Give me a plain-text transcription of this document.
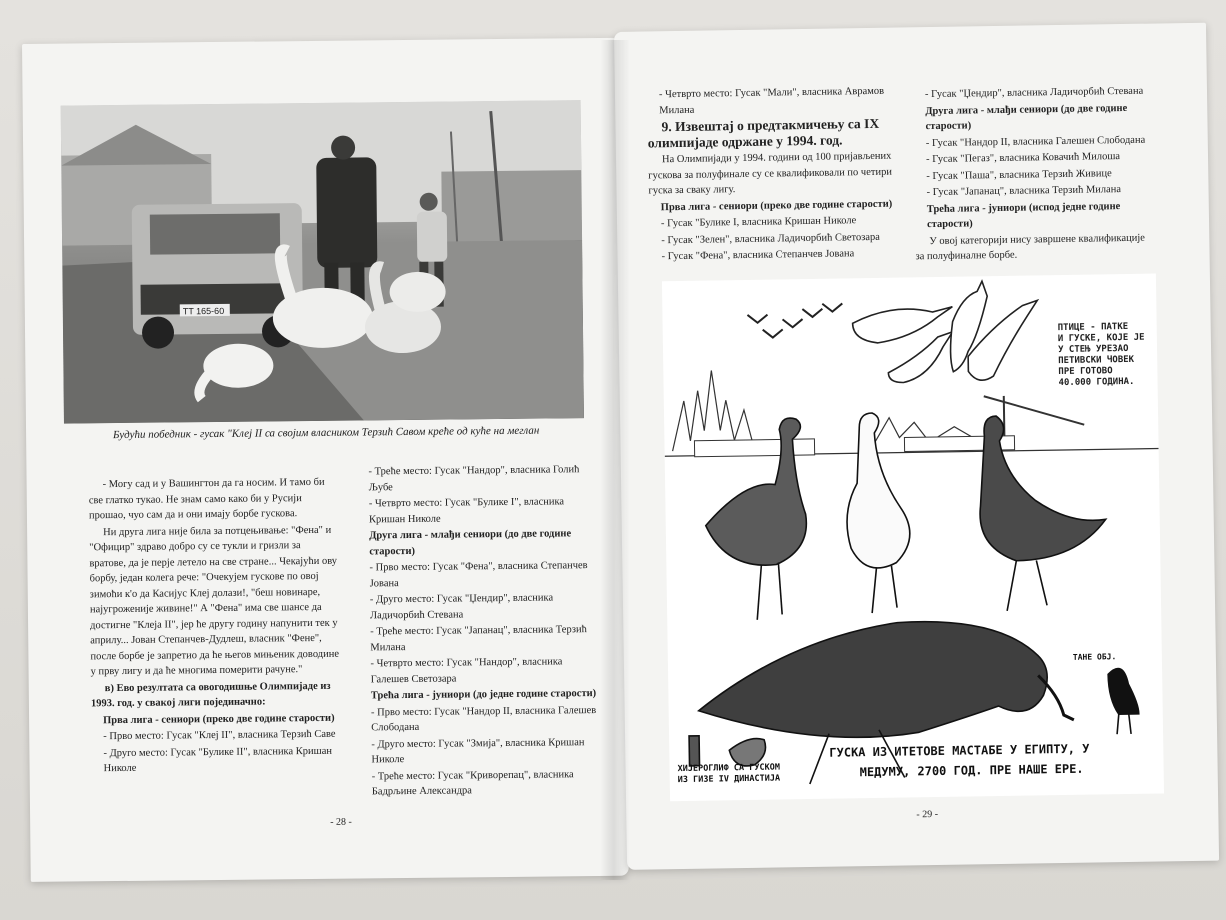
TT 165-60
Будући победник - гусак "Клеј II са својим власником Терзић Савом креће од куће на меглан

- Могу сад и у Вашингтон да га носим. И тамо би све глатко тукао. Не знам само како би у Русији прошао, чуо сам да и они имају борбе гускова.

Ни друга лига није била за потцењивање: "Фена" и "Официр" здраво добро су се тукли и гризли за вратове, да је перје летело на све стране... Чекајући ову борбу, један колега рече: "Очекујем гускове по овој зимоћи к'о да Касијус Клеј долази!, "беш новинаре, најугроженије живине!" А "Фена" има све шансе да достигне "Клеја II", јер ће другу годину напунити тек у априлу... Јован Степанчев-Дудлеш, власник "Фене", после борбе је запретио да ће његов мињеник доводине у прву лигу и да ће многима померити рачуне."

в) Ево резултата са овогодишње Олимпијаде из 1993. год. у свакој лиги појединачно:

Прва лига - сениори (преко две године старости)

- Прво место: Гусак "Клеј II", власника Терзић Саве

- Друго место: Гусак "Булике II", власника Кришан Николе

- Треће место: Гусак "Нандор", власника Голић Љубе

- Четврто место: Гусак "Булике I", власника Кришан Николе

Друга лига - млађи сениори (до две године старости)

- Прво место: Гусак "Фена", власника Степанчев Јована

- Друго место: Гусак "Џендир", власника Ладичорбић Стевана

- Треће место: Гусак "Јапанац", власника Терзић Милана

- Четврто место: Гусак "Нандор", власника Галешев Светозара

Трећа лига - јуниори (до једне године старости)

- Прво место: Гусак "Нандор II, власника Галешев Слободана

- Друго место: Гусак "Змија", власника Кришан Николе

- Треће место: Гусак "Криворепац", власника Бадрљине Александра

- 28 -

- Четврто место: Гусак "Мали", власника Аврамов Милана

9. Извештај о предтакмичењу са IX олимпијаде одржане у 1994. год.

На Олимпијади у 1994. години од 100 пријављених гускова за полуфинале су се квалификовали по четири гуска за сваку лигу.

Прва лига - сениори (преко две године старости)

- Гусак "Булике I, власника Кришан Николе

- Гусак "Зелен", власника Ладичорбић Светозара

- Гусак "Фена", власника Степанчев Јована

- Гусак "Џендир", власника Ладичорбић Стевана

Друга лига - млађи сениори (до две године старости)

- Гусак "Нандор II, власника Галешен Слободана

- Гусак "Пегаз", власника Ковачић Милоша

- Гусак "Паша", власника Терзић Живице

- Гусак "Јапанац", власника Терзић Милана

Трећа лига - јуниори (испод једне године старости)

У овој категорији нису завршене квалификације за полуфиналне борбе.

ПТИЦЕ - ПАТКЕ
И ГУСКЕ, КОЈЕ ЈЕ
У СТЕЊ УРЕЗАО
ПЕТИВСКИ ЧОВЕК
ПРЕ ГОТОВО
40.000 ГОДИНА.
ТАНЕ ОБЈ.
ХИЈЕРОГЛИФ СА ГУСКОМ
ИЗ ГИЗЕ IV ДИНАСТИЈА
ГУСКА ИЗ ИТЕТОВЕ МАСТАБЕ У ЕГИПТУ, У
МЕДУМУ, 2700 ГОД. ПРЕ НАШЕ ЕРЕ.
- 29 -
